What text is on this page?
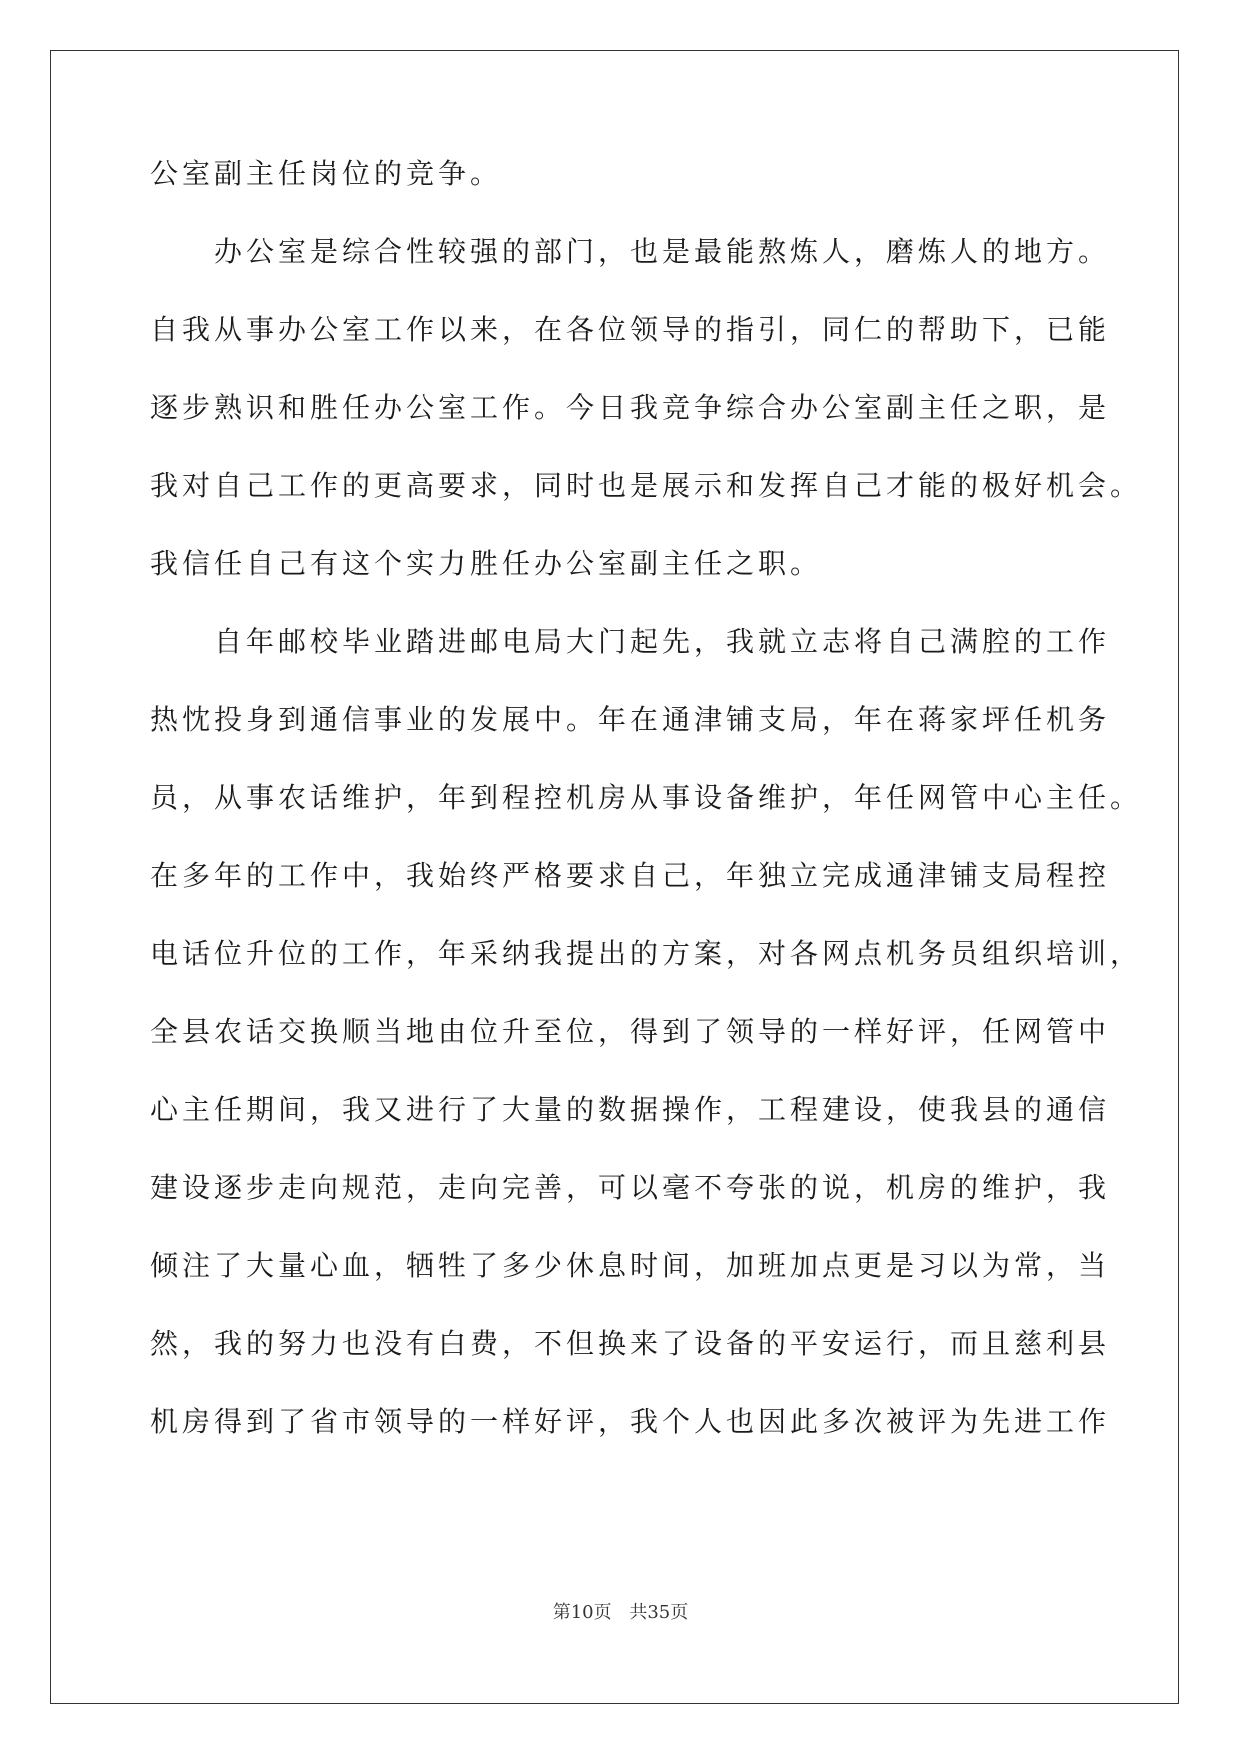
公室副主任岗位的竞争。
办公室是综合性较强的部门，也是最能熬炼人，磨炼人的地方。
自我从事办公室工作以来，在各位领导的指引，同仁的帮助下，已能
逐步熟识和胜任办公室工作。今日我竞争综合办公室副主任之职，是
我对自己工作的更高要求，同时也是展示和发挥自己才能的极好机会。
我信任自己有这个实力胜任办公室副主任之职。
自年邮校毕业踏进邮电局大门起先，我就立志将自己满腔的工作
热忱投身到通信事业的发展中。年在通津铺支局，年在蒋家坪任机务
员，从事农话维护，年到程控机房从事设备维护，年任网管中心主任。
在多年的工作中，我始终严格要求自己，年独立完成通津铺支局程控
电话位升位的工作，年采纳我提出的方案，对各网点机务员组织培训，
全县农话交换顺当地由位升至位，得到了领导的一样好评，任网管中
心主任期间，我又进行了大量的数据操作，工程建设，使我县的通信
建设逐步走向规范，走向完善，可以毫不夸张的说，机房的维护，我
倾注了大量心血，牺牲了多少休息时间，加班加点更是习以为常，当
然，我的努力也没有白费，不但换来了设备的平安运行，而且慈利县
机房得到了省市领导的一样好评，我个人也因此多次被评为先进工作
第10页 共35页
